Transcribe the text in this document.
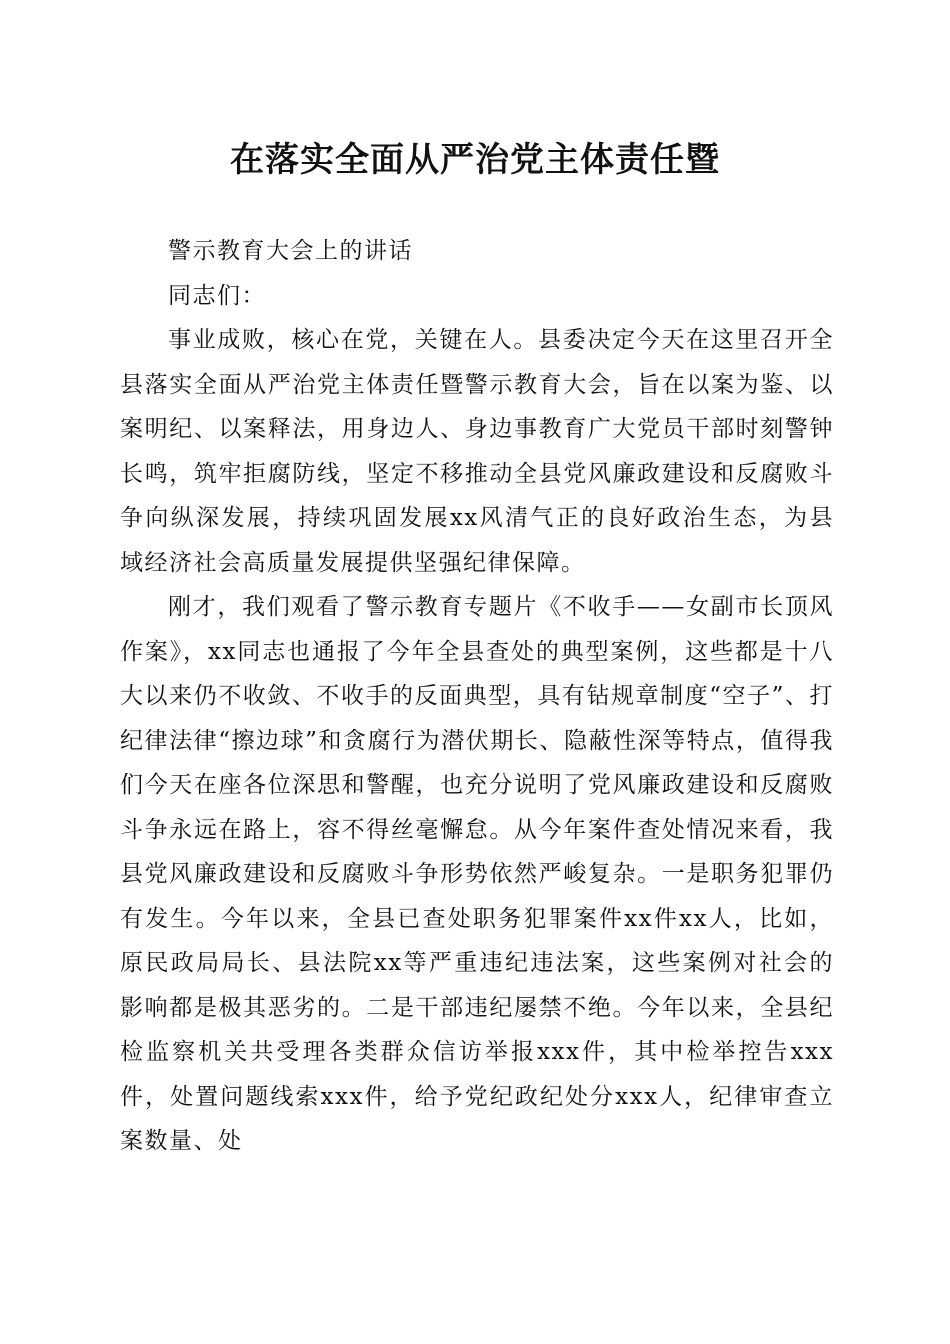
在落实全面从严治党主体责任暨

警示教育大会上的讲话

同志们：

事业成败，核心在党，关键在人。县委决定今天在这里召开全县落实全面从严治党主体责任暨警示教育大会，旨在以案为鉴、以案明纪、以案释法，用身边人、身边事教育广大党员干部时刻警钟长鸣，筑牢拒腐防线，坚定不移推动全县党风廉政建设和反腐败斗争向纵深发展，持续巩固发展xx风清气正的良好政治生态，为县域经济社会高质量发展提供坚强纪律保障。

刚才，我们观看了警示教育专题片《不收手——女副市长顶风作案》，xx同志也通报了今年全县查处的典型案例，这些都是十八大以来仍不收敛、不收手的反面典型，具有钻规章制度“空子”、打纪律法律“擦边球”和贪腐行为潜伏期长、隐蔽性深等特点，值得我们今天在座各位深思和警醒，也充分说明了党风廉政建设和反腐败斗争永远在路上，容不得丝毫懈怠。从今年案件查处情况来看，我县党风廉政建设和反腐败斗争形势依然严峻复杂。一是职务犯罪仍有发生。今年以来，全县已查处职务犯罪案件xx件xx人，比如，原民政局局长、县法院xx等严重违纪违法案，这些案例对社会的影响都是极其恶劣的。二是干部违纪屡禁不绝。今年以来，全县纪检监察机关共受理各类群众信访举报xxx件，其中检举控告xxx件，处置问题线索xxx件，给予党纪政纪处分xxx人，纪律审查立案数量、处
